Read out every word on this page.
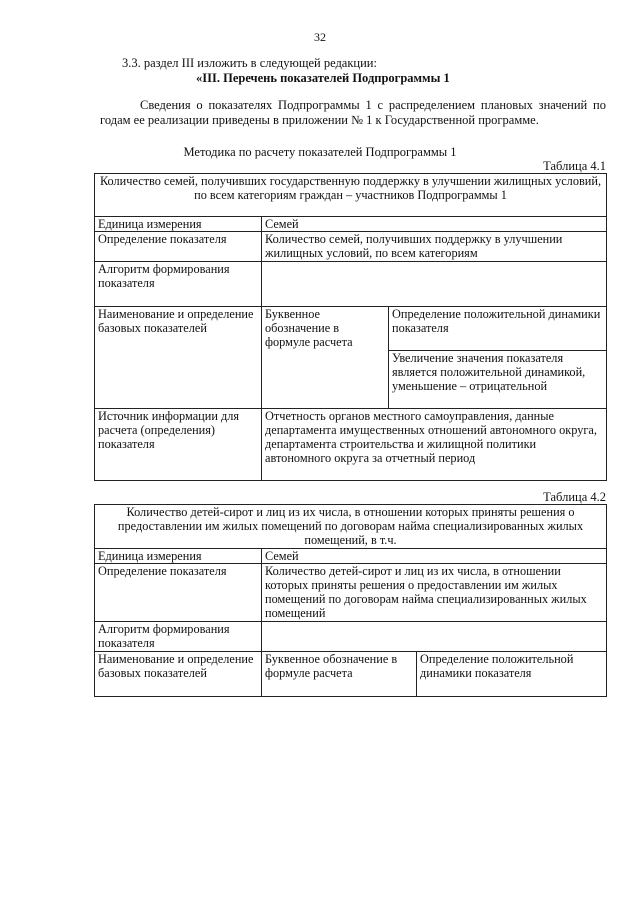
32
3.3. раздел III изложить в следующей редакции:
«III. Перечень показателей Подпрограммы 1
Сведения о показателях Подпрограммы 1 с распределением плановых значений по годам ее реализации приведены в приложении № 1 к Государственной программе.
Методика по расчету показателей Подпрограммы 1
Таблица 4.1
Количество семей, получивших государственную поддержку в улучшении жилищных условий, по всем категориям граждан – участников Подпрограммы 1		
Единица измерения	Семей	
Определение показателя	Количество семей, получивших поддержку в улучшении жилищных условий, по всем категориям	
Алгоритм формирования показателя		
Наименование и определение базовых показателей	Буквенное обозначение в формуле расчета	Определение положительной динамики показателя
		Увеличение значения показателя является положительной динамикой, уменьшение – отрицательной
Источник информации для расчета (определения) показателя	Отчетность органов местного самоуправления, данные департамента имущественных отношений автономного округа, департамента строительства и жилищной политики автономного округа за отчетный период	
Таблица 4.2
Количество детей-сирот и лиц из их числа, в отношении которых приняты решения о предоставлении им жилых помещений по договорам найма специализированных жилых помещений, в т.ч.		
Единица измерения	Семей	
Определение показателя	Количество детей-сирот и лиц из их числа, в отношении которых приняты решения о предоставлении им жилых помещений по договорам найма специализированных жилых помещений	
Алгоритм формирования показателя		
Наименование и определение базовых показателей	Буквенное обозначение в формуле расчета	Определение положительной динамики показателя
